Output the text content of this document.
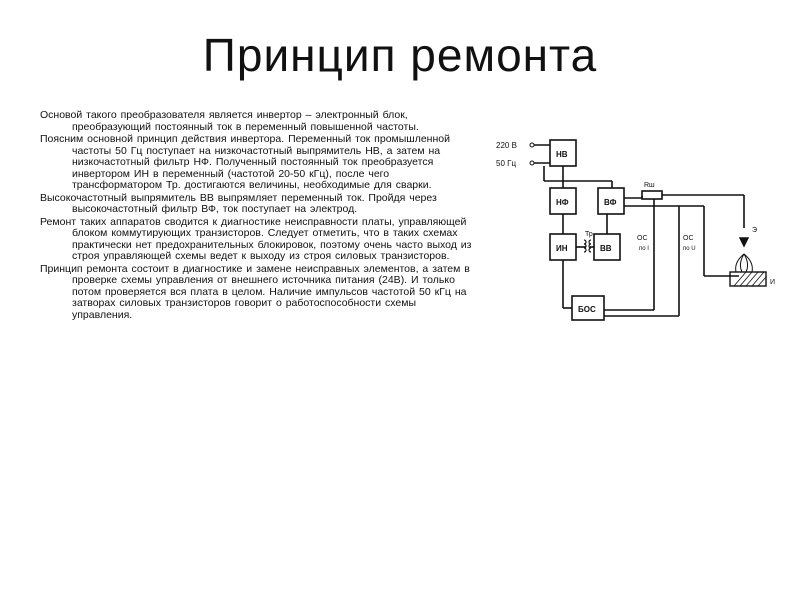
Принцип ремонта

Основой такого преобразователя является инвертор – электронный блок, преобразующий постоянный ток в переменный повышенной частоты.

Поясним основной принцип действия инвертора. Переменный ток промышленной частоты 50 Гц поступает на низкочастотный выпрямитель НВ, а затем на низкочастотный фильтр НФ. Полученный постоянный ток преобразуется инвертором ИН в переменный (частотой 20-50 кГц), после чего трансформатором Тр. достигаются величины, необходимые для сварки.

Высокочастотный выпрямитель ВВ выпрямляет переменный ток. Пройдя через высокочастотный фильтр ВФ, ток поступает на электрод.

Ремонт таких аппаратов сводится к диагностике неисправности платы, управляющей блоком коммутирующих транзисторов. Следует отметить, что в таких схемах практически нет предохранительных блокировок, поэтому очень часто выход из строя управляющей схемы ведет к выходу из строя силовых транзисторов.

Принцип ремонта состоит в диагностике и замене неисправных элементов, а затем в проверке схемы управления от внешнего источника питания (24В). И только потом проверяется вся плата в целом. Наличие импульсов частотой 50 кГц на затворах силовых транзисторов говорит о работоспособности схемы управления.

220 В
50 Гц
НВ
НФ	ВФ
ИН	ВВ
БОС
Тр
Rш
ОС
по I
ОС
по U
Э
И
